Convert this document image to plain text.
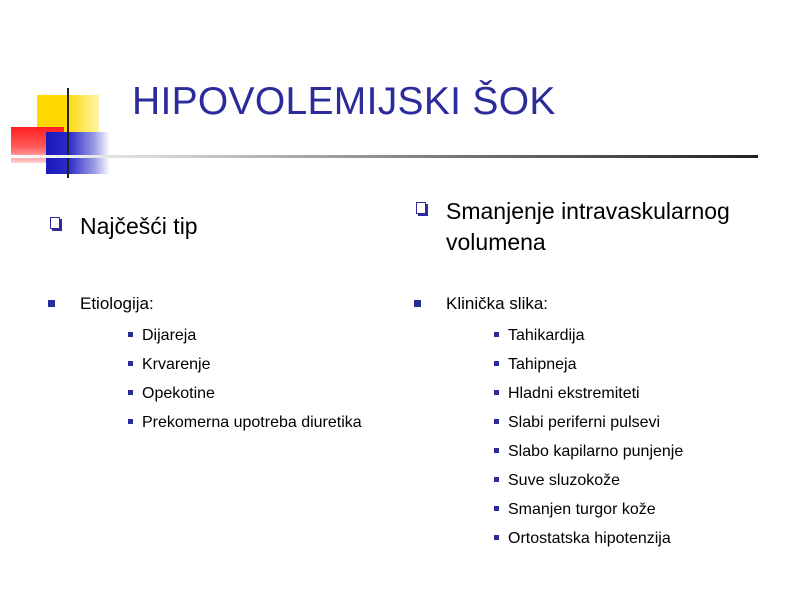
HIPOVOLEMIJSKI ŠOK
Najčešći tip
Etiologija:
Dijareja
Krvarenje
Opekotine
Prekomerna upotreba diuretika
Smanjenje intravaskularnog
volumena
Klinička slika:
Tahikardija
Tahipneja
Hladni ekstremiteti
Slabi periferni pulsevi
Slabo kapilarno punjenje
Suve sluzokože
Smanjen turgor kože
Ortostatska hipotenzija
